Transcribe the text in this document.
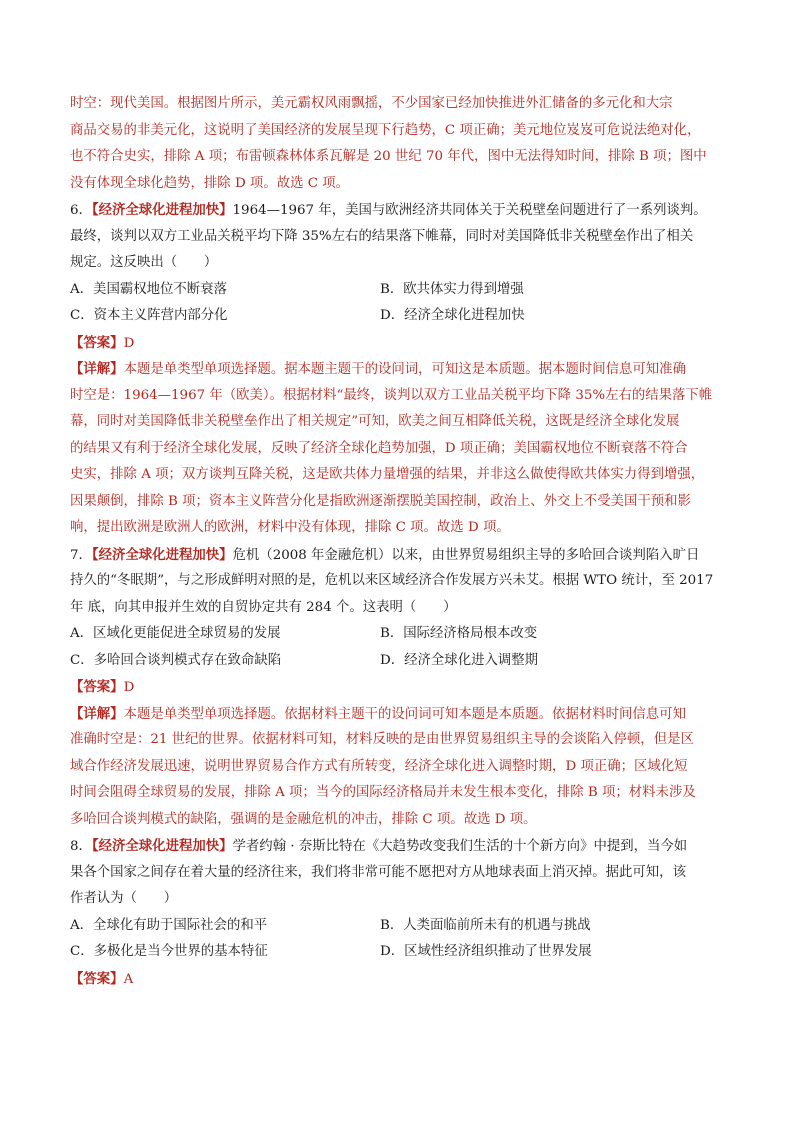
时空：现代美国。根据图片所示，美元霸权风雨飘摇，不少国家已经加快推进外汇储备的多元化和大宗
商品交易的非美元化，这说明了美国经济的发展呈现下行趋势，C 项正确；美元地位岌岌可危说法绝对化，
也不符合史实，排除 A 项；布雷顿森林体系瓦解是 20 世纪 70 年代，图中无法得知时间，排除 B 项；图中
没有体现全球化趋势，排除 D 项。故选 C 项。
6．【经济全球化进程加快】1964—1967 年，美国与欧洲经济共同体关于关税壁垒问题进行了一系列谈判。
最终，谈判以双方工业品关税平均下降 35%左右的结果落下帷幕，同时对美国降低非关税壁垒作出了相关
规定。这反映出（　　）
A．美国霸权地位不断衰落	B．欧共体实力得到增强
C．资本主义阵营内部分化	D．经济全球化进程加快
【答案】D
【详解】本题是单类型单项选择题。据本题主题干的设问词，可知这是本质题。据本题时间信息可知准确
时空是：1964—1967 年（欧美）。根据材料“最终，谈判以双方工业品关税平均下降 35%左右的结果落下帷
幕，同时对美国降低非关税壁垒作出了相关规定”可知，欧美之间互相降低关税，这既是经济全球化发展
的结果又有利于经济全球化发展，反映了经济全球化趋势加强，D 项正确；美国霸权地位不断衰落不符合
史实，排除 A 项；双方谈判互降关税，这是欧共体力量增强的结果，并非这么做使得欧共体实力得到增强，
因果颠倒，排除 B 项；资本主义阵营分化是指欧洲逐渐摆脱美国控制，政治上、外交上不受美国干预和影
响，提出欧洲是欧洲人的欧洲，材料中没有体现，排除 C 项。故选 D 项。
7．【经济全球化进程加快】危机（2008 年金融危机）以来，由世界贸易组织主导的多哈回合谈判陷入旷日
持久的“冬眠期”，与之形成鲜明对照的是，危机以来区域经济合作发展方兴未艾。根据 WTO 统计，至 2017
年 底，向其申报并生效的自贸协定共有 284 个。这表明（　　）
A．区域化更能促进全球贸易的发展	B．国际经济格局根本改变
C．多哈回合谈判模式存在致命缺陷	D．经济全球化进入调整期
【答案】D
【详解】本题是单类型单项选择题。依据材料主题干的设问词可知本题是本质题。依据材料时间信息可知
准确时空是：21 世纪的世界。依据材料可知，材料反映的是由世界贸易组织主导的会谈陷入停顿，但是区
域合作经济发展迅速，说明世界贸易合作方式有所转变，经济全球化进入调整时期，D 项正确；区域化短
时间会阻碍全球贸易的发展，排除 A 项；当今的国际经济格局并未发生根本变化，排除 B 项；材料未涉及
多哈回合谈判模式的缺陷，强调的是金融危机的冲击，排除 C 项。故选 D 项。
8．【经济全球化进程加快】学者约翰 · 奈斯比特在《大趋势改变我们生活的十个新方向》中提到，当今如
果各个国家之间存在着大量的经济往来，我们将非常可能不愿把对方从地球表面上消灭掉。据此可知，该
作者认为（　　）
A．全球化有助于国际社会的和平	B．人类面临前所未有的机遇与挑战
C．多极化是当今世界的基本特征	D．区域性经济组织推动了世界发展
【答案】A
